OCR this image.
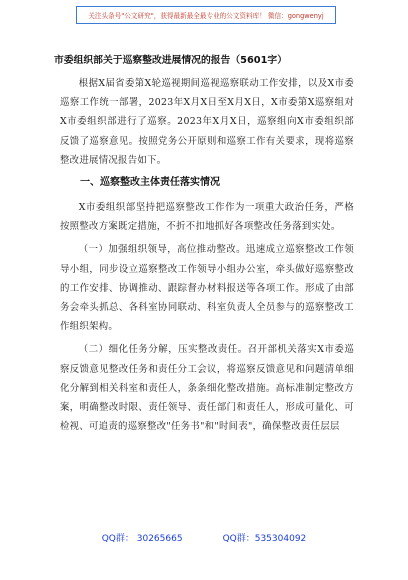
关注头条号"公文研究"，获得最新最全最专业的公文资料库！ 微信：gongwenyj
市委组织部关于巡察整改进展情况的报告（5601字）

根据X届省委第X轮巡视期间巡视巡察联动工作安排，以及X市委巡察工作统一部署，2023年X月X日至X月X日，X市委第X巡察组对X市委组织部进行了巡察。2023年X月X日，巡察组向X市委组织部反馈了巡察意见。按照党务公开原则和巡察工作有关要求，现将巡察整改进展情况报告如下。

一、巡察整改主体责任落实情况

X市委组织部坚持把巡察整改工作作为一项重大政治任务，严格按照整改方案既定措施，不折不扣地抓好各项整改任务落到实处。

（一）加强组织领导，高位推动整改。迅速成立巡察整改工作领导小组，同步设立巡察整改工作领导小组办公室，牵头做好巡察整改的工作安排、协调推动、跟踪督办材料报送等各项工作。形成了由部务会牵头抓总、各科室协同联动、科室负责人全员参与的巡察整改工作组织架构。

（二）细化任务分解，压实整改责任。召开部机关落实X市委巡察反馈意见整改任务和责任分工会议，将巡察反馈意见和问题清单细化分解到相关科室和责任人，条条细化整改措施。高标准制定整改方案，明确整改时限、责任领导、责任部门和责任人，形成可量化、可检视、可追责的巡察整改"任务书"和"时间表"，确保整改责任层层

QQ群： 30265665	QQ群：535304092
